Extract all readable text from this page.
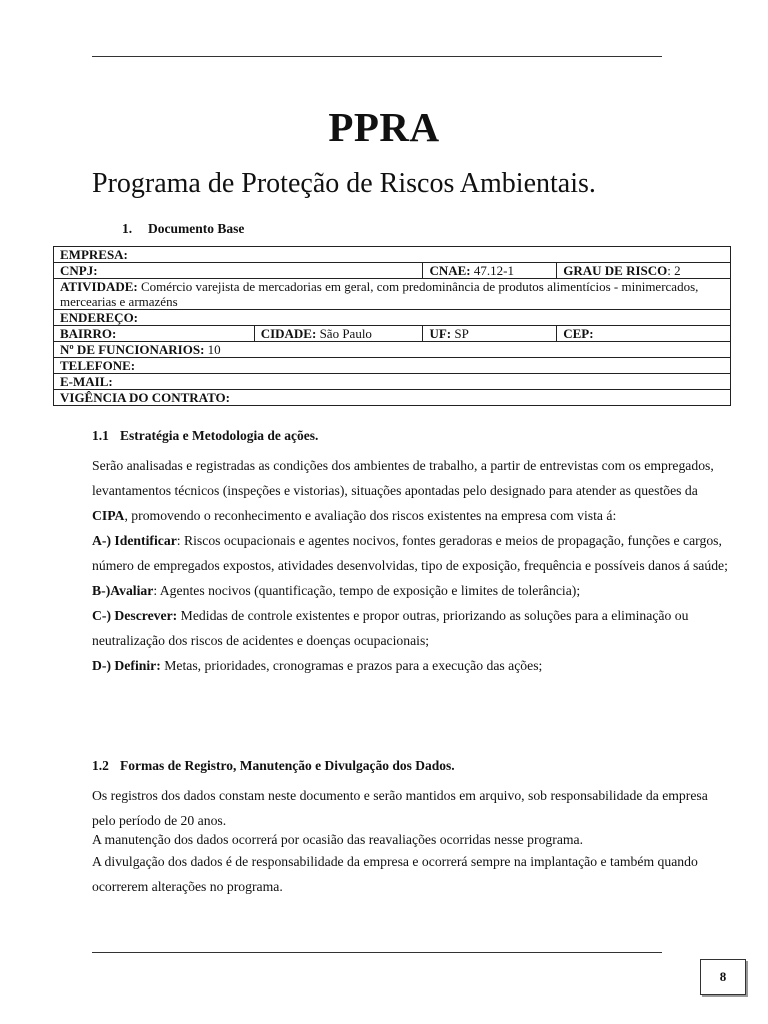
PPRA
Programa de Proteção de Riscos Ambientais.
1. Documento Base
EMPRESA:			
CNPJ:		CNAE: 47.12-1	GRAU DE RISCO: 2
ATIVIDADE: Comércio varejista de mercadorias em geral, com predominância de produtos alimentícios - minimercados, mercearias e armazéns			
ENDEREÇO:			
BAIRRO:	CIDADE: São Paulo	UF: SP	CEP:
Nº DE FUNCIONARIOS: 10			
TELEFONE:			
E-MAIL:			
VIGÊNCIA DO CONTRATO:			
1.1 Estratégia e Metodologia de ações.

Serão analisadas e registradas as condições dos ambientes de trabalho, a partir de entrevistas com os empregados, levantamentos técnicos (inspeções e vistorias), situações apontadas pelo designado para atender as questões da CIPA, promovendo o reconhecimento e avaliação dos riscos existentes na empresa com vista á:

A-) Identificar: Riscos ocupacionais e agentes nocivos, fontes geradoras e meios de propagação, funções e cargos, número de empregados expostos, atividades desenvolvidas, tipo de exposição, frequência e possíveis danos á saúde;

B-)Avaliar: Agentes nocivos (quantificação, tempo de exposição e limites de tolerância);

C-) Descrever: Medidas de controle existentes e propor outras, priorizando as soluções para a eliminação ou neutralização dos riscos de acidentes e doenças ocupacionais;

D-) Definir: Metas, prioridades, cronogramas e prazos para a execução das ações;

1.2 Formas de Registro, Manutenção e Divulgação dos Dados.

Os registros dos dados constam neste documento e serão mantidos em arquivo, sob responsabilidade da empresa pelo período de 20 anos.

A manutenção dos dados ocorrerá por ocasião das reavaliações ocorridas nesse programa.

A divulgação dos dados é de responsabilidade da empresa e ocorrerá sempre na implantação e também quando ocorrerem alterações no programa.

8
